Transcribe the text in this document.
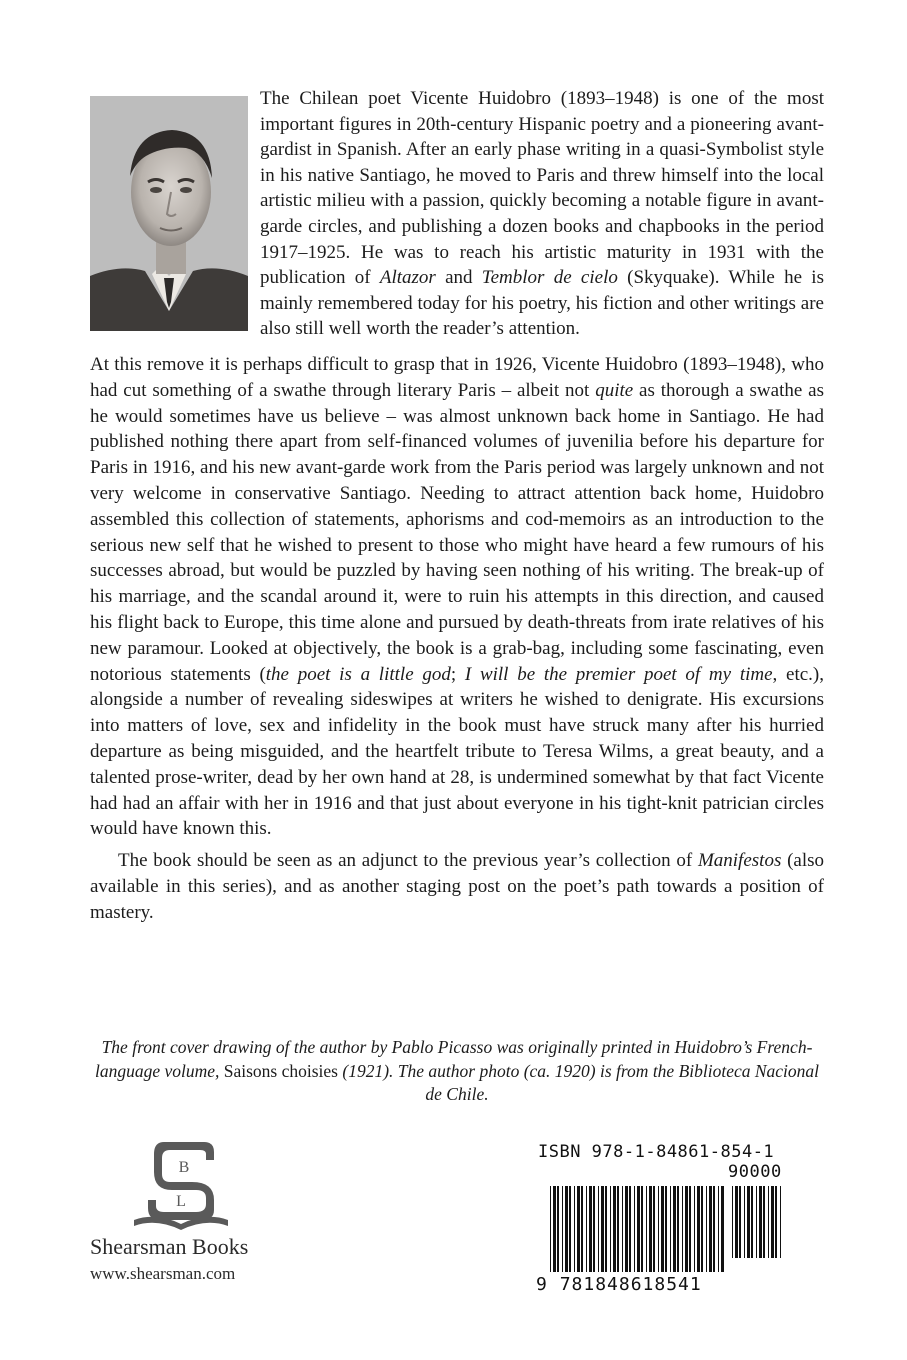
The Chilean poet Vicente Huidobro (1893–1948) is one of the most important figures in 20th-century Hispanic poetry and a pioneering avant-gardist in Spanish. After an early phase writing in a quasi-Symbolist style in his native Santiago, he moved to Paris and threw himself into the local artistic milieu with a passion, quickly becoming a notable figure in avant-garde circles, and publishing a dozen books and chapbooks in the period 1917–1925. He was to reach his artistic maturity in 1931 with the publication of Altazor and Temblor de cielo (Skyquake). While he is mainly remembered today for his poetry, his fiction and other writings are also still well worth the reader’s attention.

At this remove it is perhaps difficult to grasp that in 1926, Vicente Huidobro (1893–1948), who had cut something of a swathe through literary Paris – albeit not quite as thorough a swathe as he would sometimes have us believe – was almost unknown back home in Santiago. He had published nothing there apart from self-financed volumes of juvenilia before his departure for Paris in 1916, and his new avant-garde work from the Paris period was largely unknown and not very welcome in conservative Santiago. Needing to attract attention back home, Huidobro assembled this collection of statements, aphorisms and cod-memoirs as an introduction to the serious new self that he wished to present to those who might have heard a few rumours of his successes abroad, but would be puzzled by having seen nothing of his writing. The break-up of his marriage, and the scandal around it, were to ruin his attempts in this direction, and caused his flight back to Europe, this time alone and pursued by death-threats from irate relatives of his new paramour. Looked at objectively, the book is a grab-bag, including some fascinating, even notorious statements (the poet is a little god; I will be the premier poet of my time, etc.), alongside a number of revealing sideswipes at writers he wished to denigrate. His excursions into matters of love, sex and infidelity in the book must have struck many after his hurried departure as being misguided, and the heartfelt tribute to Teresa Wilms, a great beauty, and a talented prose-writer, dead by her own hand at 28, is undermined somewhat by that fact Vicente had had an affair with her in 1916 and that just about everyone in his tight-knit patrician circles would have known this.

The book should be seen as an adjunct to the previous year’s collection of Manifestos (also available in this series), and as another staging post on the poet’s path towards a position of mastery.

The front cover drawing of the author by Pablo Picasso was originally printed in Huidobro’s French-language volume, Saisons choisies (1921). The author photo (ca. 1920) is from the Biblioteca Nacional de Chile.

B
L
Shearsman Books
www.shearsman.com
ISBN 978-1-84861-854-1
90000
9 781848618541
